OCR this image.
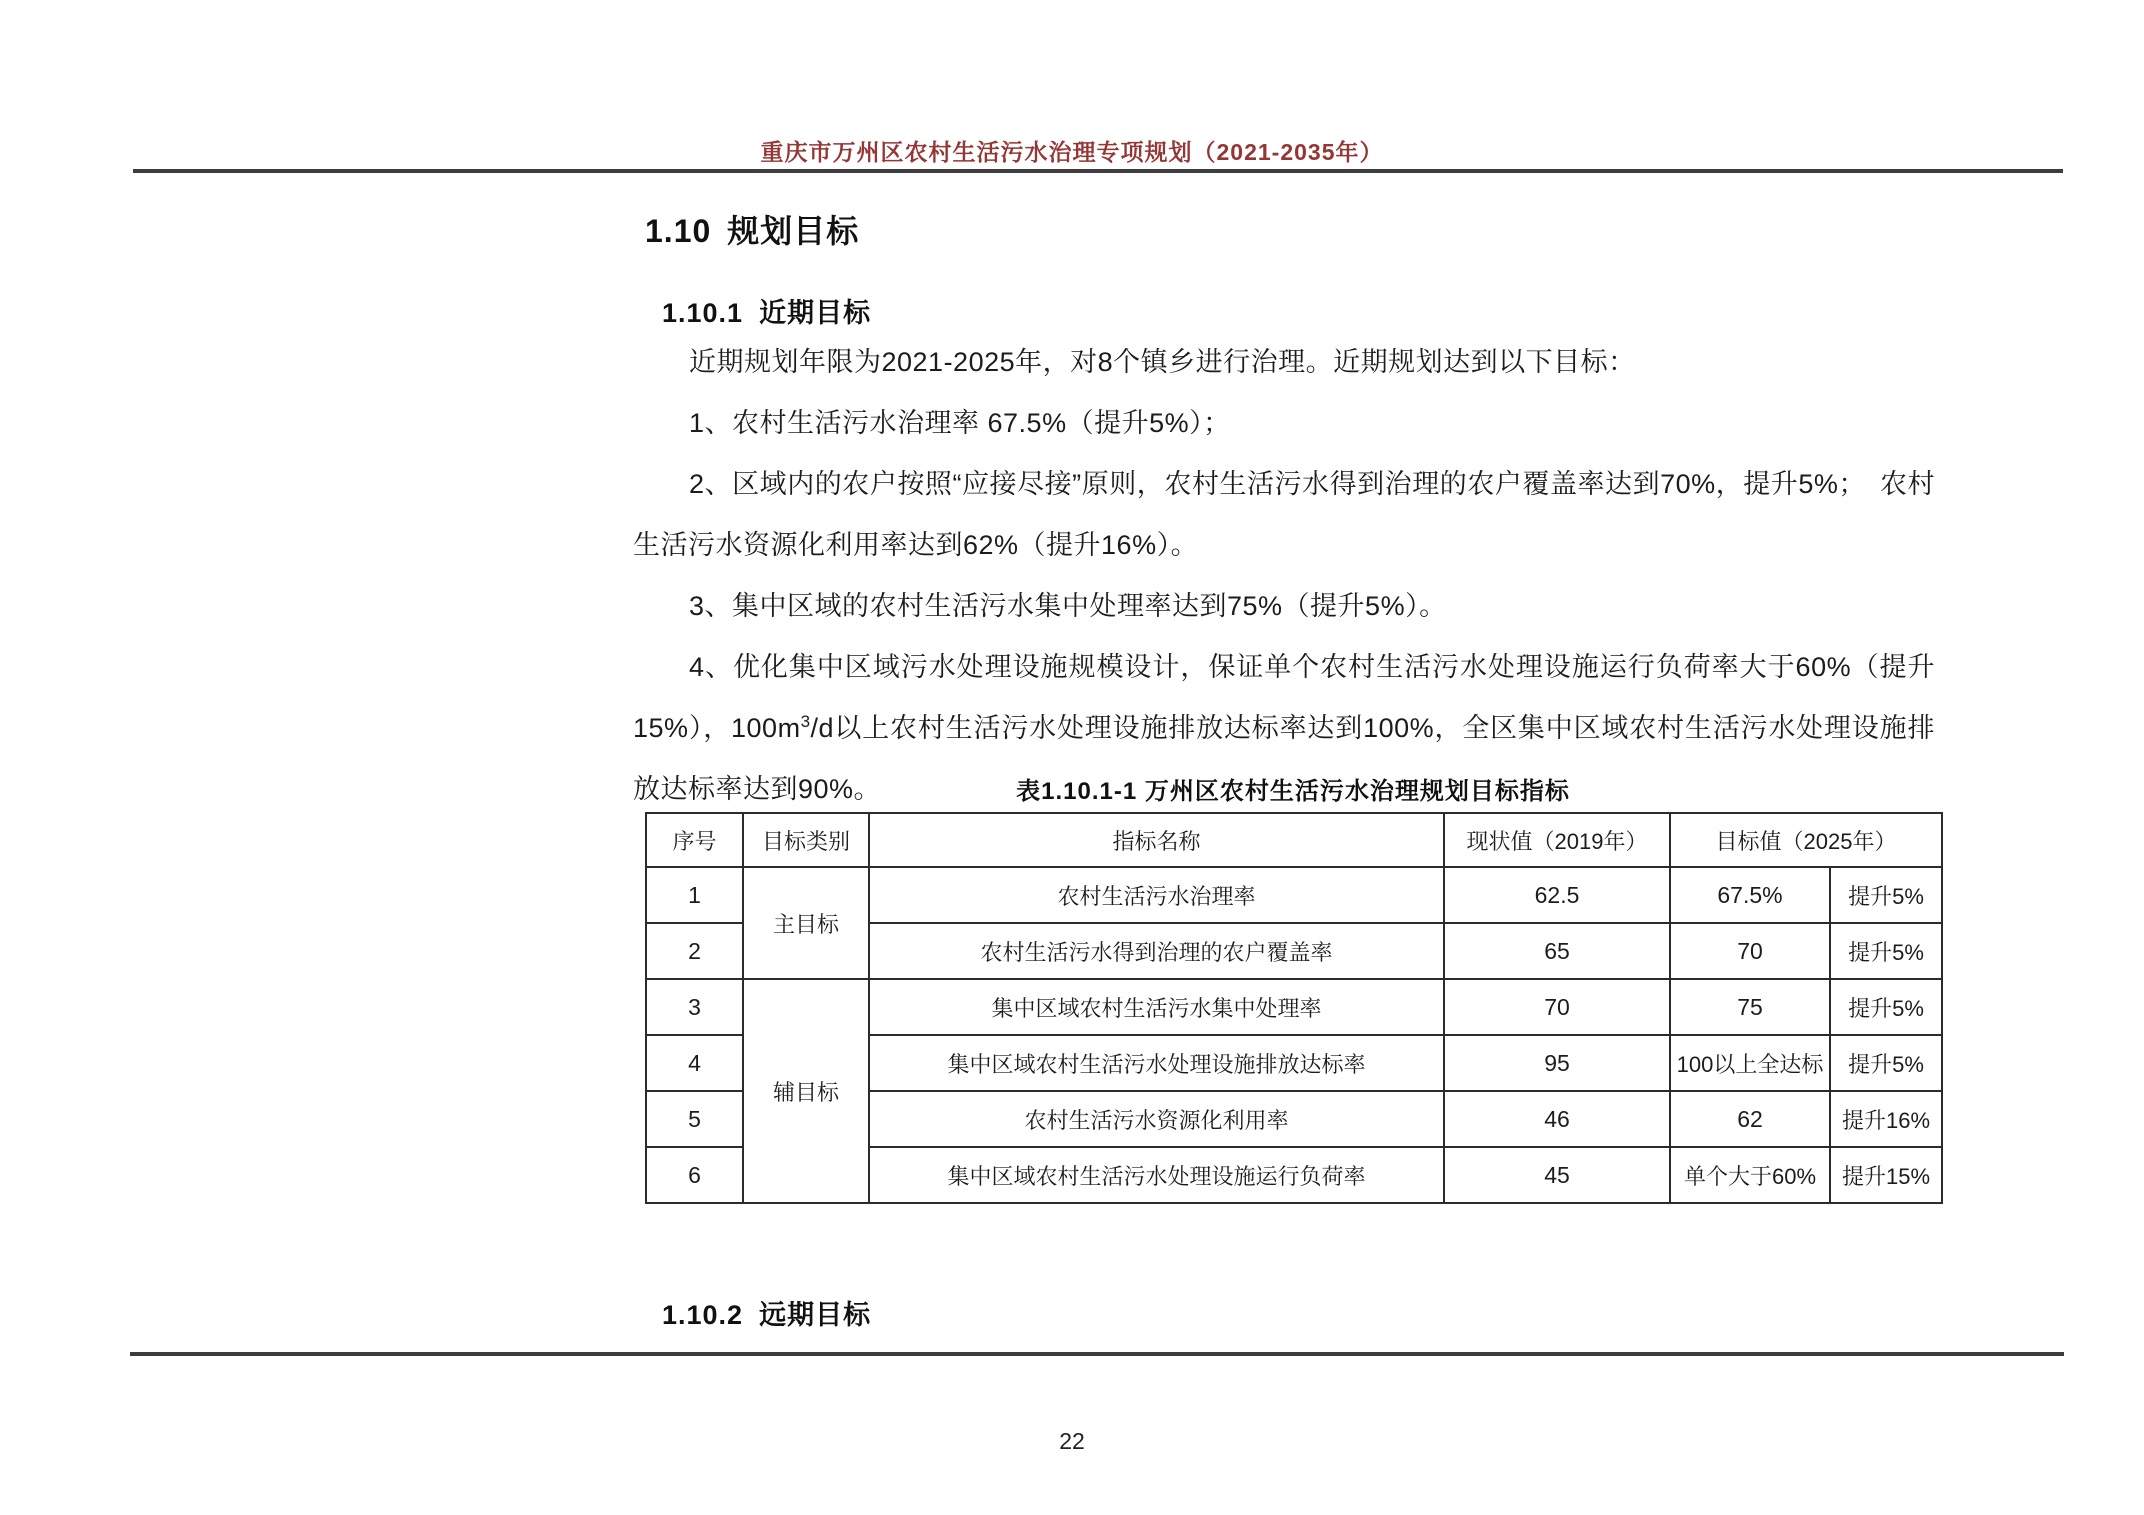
重庆市万州区农村生活污水治理专项规划（2021-2035年）
1.10 规划目标
1.10.1 近期目标

近期规划年限为2021-2025年，对8个镇乡进行治理。近期规划达到以下目标：

1、农村生活污水治理率 67.5%（提升5%）；

2、区域内的农户按照“应接尽接”原则，农村生活污水得到治理的农户覆盖率达到70%，提升5%；　农村生活污水资源化利用率达到62%（提升16%）。

3、集中区域的农村生活污水集中处理率达到75%（提升5%）。

4、优化集中区域污水处理设施规模设计，保证单个农村生活污水处理设施运行负荷率大于60%（提升15%），$100m^3/d$以上农村生活污水处理设施排放达标率达到100%，全区集中区域农村生活污水处理设施排放达标率达到90%。	表1.10.1-1 万州区农村生活污水治理规划目标指标
序号	目标类别	指标名称	现状值（2019年）	目标值（2025年）	
1	主目标	农村生活污水治理率	62.5	67.5%	提升5%
2		农村生活污水得到治理的农户覆盖率	65	70	提升5%
3	辅目标	集中区域农村生活污水集中处理率	70	75	提升5%
4		集中区域农村生活污水处理设施排放达标率	95	100以上全达标	提升5%
5		农村生活污水资源化利用率	46	62	提升16%
6		集中区域农村生活污水处理设施运行负荷率	45	单个大于60%	提升15%
1.10.2 远期目标
22
